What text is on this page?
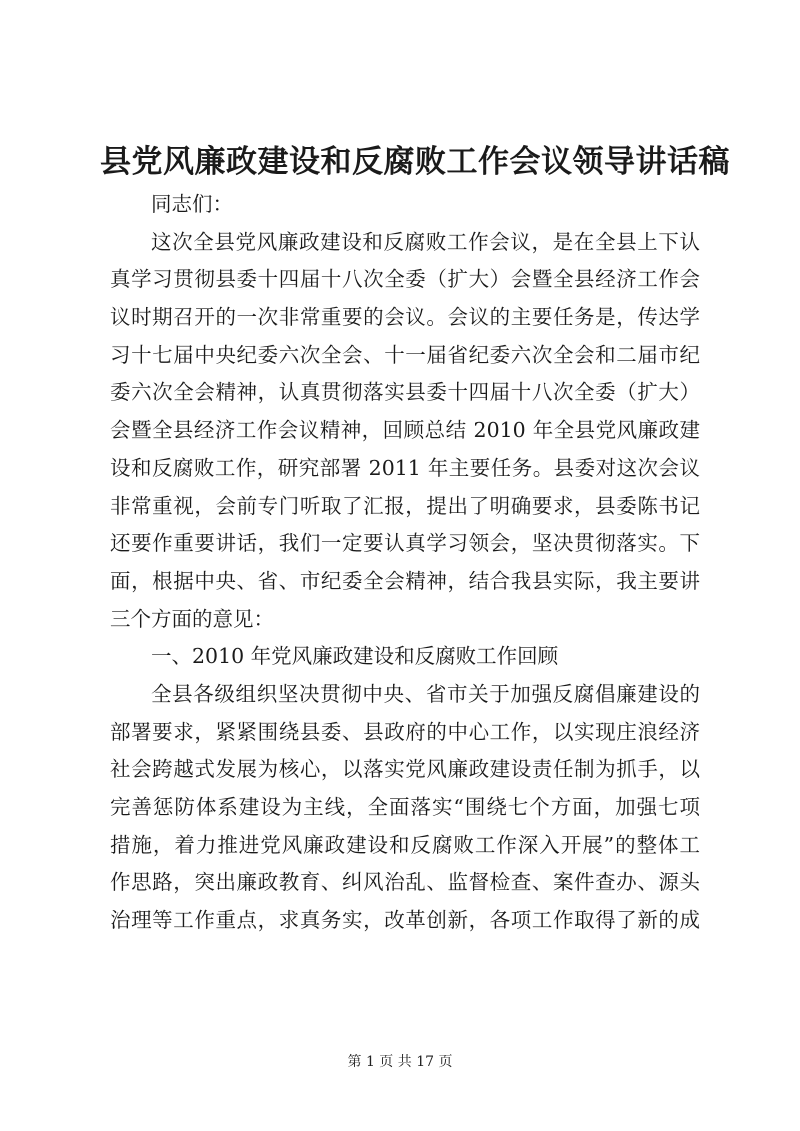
县党风廉政建设和反腐败工作会议领导讲话稿
同志们：
这次全县党风廉政建设和反腐败工作会议，是在全县上下认
真学习贯彻县委十四届十八次全委（扩大）会暨全县经济工作会
议时期召开的一次非常重要的会议。会议的主要任务是，传达学
习十七届中央纪委六次全会、十一届省纪委六次全会和二届市纪
委六次全会精神，认真贯彻落实县委十四届十八次全委（扩大）
会暨全县经济工作会议精神，回顾总结 2010 年全县党风廉政建
设和反腐败工作，研究部署 2011 年主要任务。县委对这次会议
非常重视，会前专门听取了汇报，提出了明确要求，县委陈书记
还要作重要讲话，我们一定要认真学习领会，坚决贯彻落实。下
面，根据中央、省、市纪委全会精神，结合我县实际，我主要讲
三个方面的意见：
一、2010 年党风廉政建设和反腐败工作回顾
全县各级组织坚决贯彻中央、省市关于加强反腐倡廉建设的
部署要求，紧紧围绕县委、县政府的中心工作，以实现庄浪经济
社会跨越式发展为核心，以落实党风廉政建设责任制为抓手，以
完善惩防体系建设为主线，全面落实“围绕七个方面，加强七项
措施，着力推进党风廉政建设和反腐败工作深入开展”的整体工
作思路，突出廉政教育、纠风治乱、监督检查、案件查办、源头
治理等工作重点，求真务实，改革创新，各项工作取得了新的成
第 1 页 共 17 页
